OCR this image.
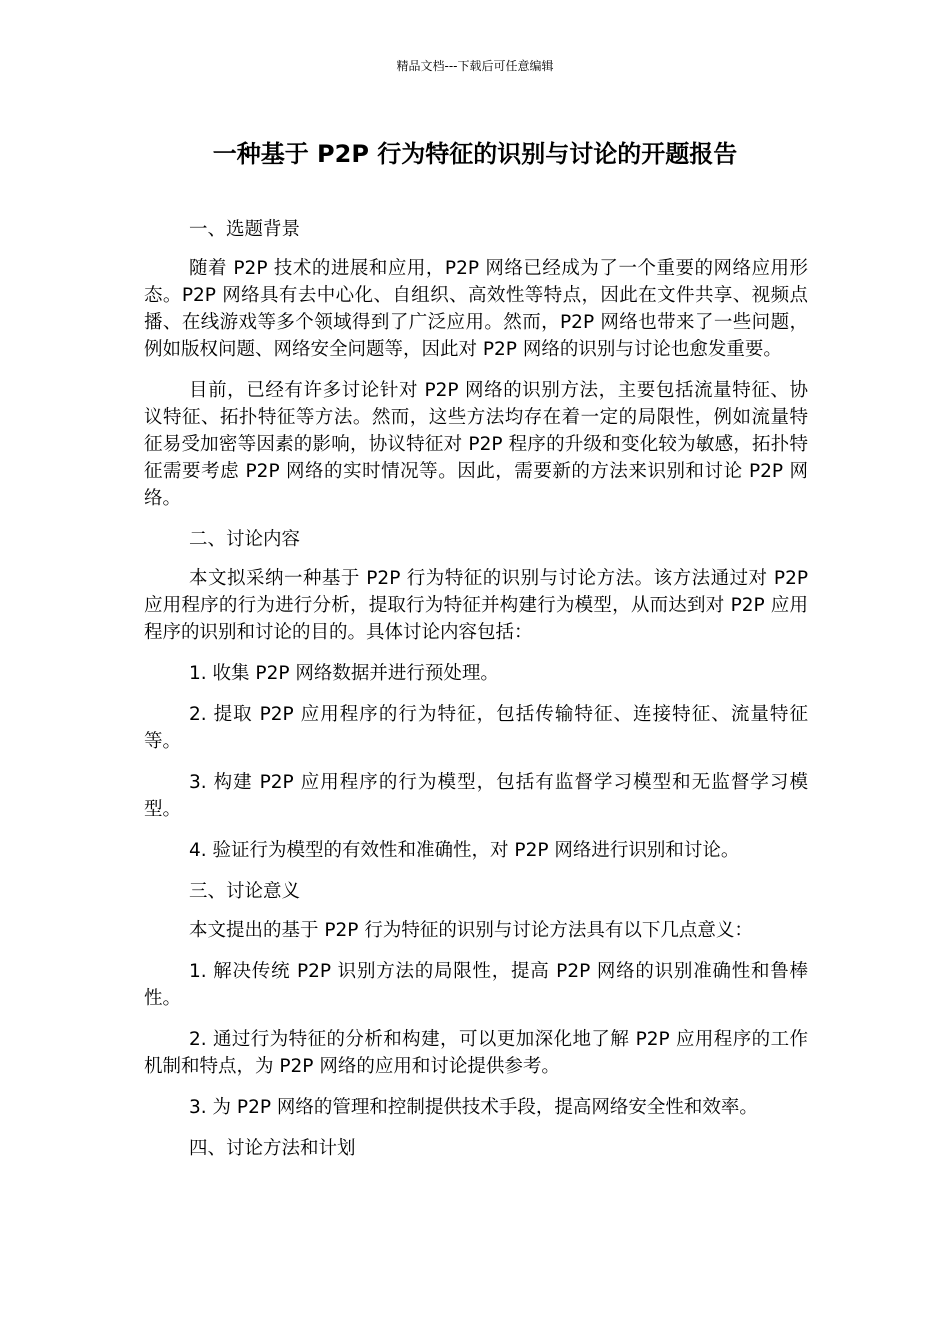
精品文档---下载后可任意编辑
一种基于 P2P 行为特征的识别与讨论的开题报告

一、选题背景

随着 P2P 技术的进展和应用，P2P 网络已经成为了一个重要的网络应用形态。P2P 网络具有去中心化、自组织、高效性等特点，因此在文件共享、视频点播、在线游戏等多个领域得到了广泛应用。然而，P2P 网络也带来了一些问题，例如版权问题、网络安全问题等，因此对 P2P 网络的识别与讨论也愈发重要。

目前，已经有许多讨论针对 P2P 网络的识别方法，主要包括流量特征、协议特征、拓扑特征等方法。然而，这些方法均存在着一定的局限性，例如流量特征易受加密等因素的影响，协议特征对 P2P 程序的升级和变化较为敏感，拓扑特征需要考虑 P2P 网络的实时情况等。因此，需要新的方法来识别和讨论 P2P 网络。

二、讨论内容

本文拟采纳一种基于 P2P 行为特征的识别与讨论方法。该方法通过对 P2P 应用程序的行为进行分析，提取行为特征并构建行为模型，从而达到对 P2P 应用程序的识别和讨论的目的。具体讨论内容包括：

1. 收集 P2P 网络数据并进行预处理。

2. 提取 P2P 应用程序的行为特征，包括传输特征、连接特征、流量特征等。

3. 构建 P2P 应用程序的行为模型，包括有监督学习模型和无监督学习模型。

4. 验证行为模型的有效性和准确性，对 P2P 网络进行识别和讨论。

三、讨论意义

本文提出的基于 P2P 行为特征的识别与讨论方法具有以下几点意义：

1. 解决传统 P2P 识别方法的局限性，提高 P2P 网络的识别准确性和鲁棒性。

2. 通过行为特征的分析和构建，可以更加深化地了解 P2P 应用程序的工作机制和特点，为 P2P 网络的应用和讨论提供参考。

3. 为 P2P 网络的管理和控制提供技术手段，提高网络安全性和效率。

四、讨论方法和计划
